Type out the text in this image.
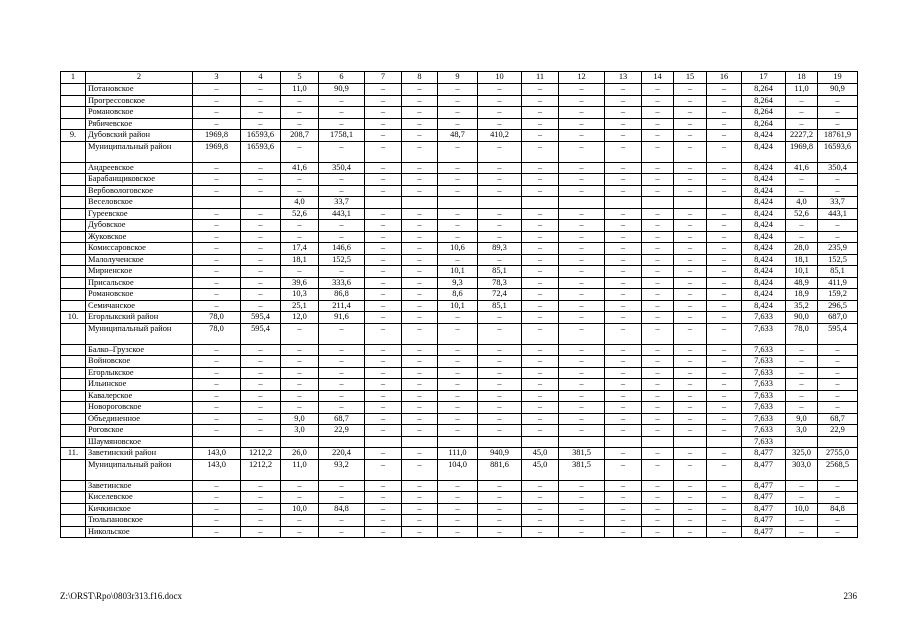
1	2	3	4	5	6	7	8	9	10	11	12	13	14	15	16	17	18	19
	Потановское	–	–	11,0	90,9	–	–	–	–	–	–	–	–	–	–	8,264	11,0	90,9
	Прогрессовское	–	–	–	–	–	–	–	–	–	–	–	–	–	–	8,264	–	–
	Романовское	–	–	–	–	–	–	–	–	–	–	–	–	–	–	8,264	–	–
	Рябичевское	–	–	–	–	–	–	–	–	–	–	–	–	–	–	8,264	–	–
9.	Дубовский район	1969,8	16593,6	208,7	1758,1	–	–	48,7	410,2	–	–	–	–	–	–	8,424	2227,2	18761,9
	Муниципальный район	1969,8	16593,6	–	–	–	–	–	–	–	–	–	–	–	–	8,424	1969,8	16593,6
	Андреевское	–	–	41,6	350,4	–	–	–	–	–	–	–	–	–	–	8,424	41,6	350,4
	Барабанщиковское	–	–	–	–	–	–	–	–	–	–	–	–	–	–	8,424	–	–
	Вербовологовское	–	–	–	–	–	–	–	–	–	–	–	–	–	–	8,424	–	–
	Веселовское			4,0	33,7											8,424	4,0	33,7
	Гуреевское	–	–	52,6	443,1	–	–	–	–	–	–	–	–	–	–	8,424	52,6	443,1
	Дубовское	–	–	–	–	–	–	–	–	–	–	–	–	–	–	8,424	–	–
	Жуковское	–	–	–	–	–	–	–	–	–	–	–	–	–	–	8,424	–	–
	Комиссаровское	–	–	17,4	146,6	–	–	10,6	89,3	–	–	–	–	–	–	8,424	28,0	235,9
	Малолученское	–	–	18,1	152,5	–	–	–	–	–	–	–	–	–	–	8,424	18,1	152,5
	Мирненское	–	–	–	–	–	–	10,1	85,1	–	–	–	–	–	–	8,424	10,1	85,1
	Присальское	–	–	39,6	333,6	–	–	9,3	78,3	–	–	–	–	–	–	8,424	48,9	411,9
	Романовское	–	–	10,3	86,8	–	–	8,6	72,4	–	–	–	–	–	–	8,424	18,9	159,2
	Семичанское	–	–	25,1	211,4	–	–	10,1	85,1	–	–	–	–	–	–	8,424	35,2	296,5
10.	Егорлыкский район	78,0	595,4	12,0	91,6	–	–	–	–	–	–	–	–	–	–	7,633	90,0	687,0
	Муниципальный район	78,0	595,4	–	–	–	–	–	–	–	–	–	–	–	–	7,633	78,0	595,4
	Балко–Грузское	–	–	–	–	–	–	–	–	–	–	–	–	–	–	7,633	–	–
	Войновское	–	–	–	–	–	–	–	–	–	–	–	–	–	–	7,633	–	–
	Егорлыкское	–	–	–	–	–	–	–	–	–	–	–	–	–	–	7,633	–	–
	Ильинское	–	–	–	–	–	–	–	–	–	–	–	–	–	–	7,633	–	–
	Кавалерское	–	–	–	–	–	–	–	–	–	–	–	–	–	–	7,633	–	–
	Новороговское	–	–	–	–	–	–	–	–	–	–	–	–	–	–	7,633	–	–
	Объединенное	–	–	9,0	68,7	–	–	–	–	–	–	–	–	–	–	7,633	9,0	68,7
	Роговское	–	–	3,0	22,9	–	–	–	–	–	–	–	–	–	–	7,633	3,0	22,9
	Шаумяновское															7,633		
11.	Заветинский район	143,0	1212,2	26,0	220,4	–	–	111,0	940,9	45,0	381,5	–	–	–	–	8,477	325,0	2755,0
	Муниципальный район	143,0	1212,2	11,0	93,2	–	–	104,0	881,6	45,0	381,5	–	–	–	–	8,477	303,0	2568,5
	Заветинское	–	–	–	–	–	–	–	–	–	–	–	–	–	–	8,477	–	–
	Киселевское	–	–	–	–	–	–	–	–	–	–	–	–	–	–	8,477	–	–
	Кичкинское	–	–	10,0	84,8	–	–	–	–	–	–	–	–	–	–	8,477	10,0	84,8
	Тюльпановское	–	–	–	–	–	–	–	–	–	–	–	–	–	–	8,477	–	–
	Никольское	–	–	–	–	–	–	–	–	–	–	–	–	–	–	8,477	–	–
Z:\ORST\Rpo\0803r313.f16.docx	236
